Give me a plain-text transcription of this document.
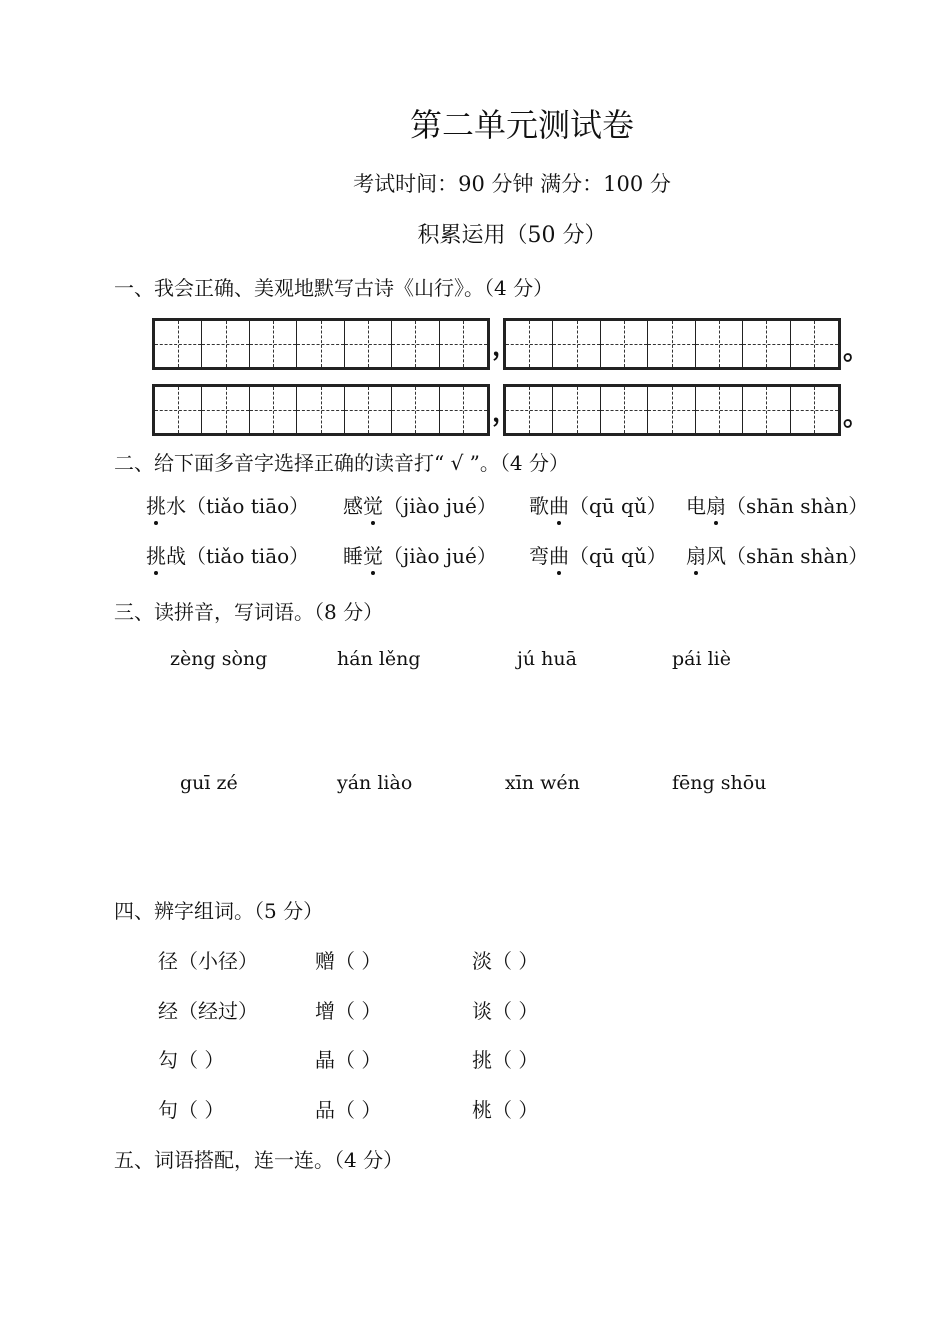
第二单元测试卷
考试时间：90 分钟 满分：100 分
积累运用（50 分）
一、我会正确、美观地默写古诗《山行》。（4 分）
，	。
，	。
二、给下面多音字选择正确的读音打“ √ ”。（4 分）
挑水（tiǎo tiāo） 感觉（jiào jué） 歌曲（qū qǔ） 电扇（shān shàn）
挑战（tiǎo tiāo） 睡觉（jiào jué） 弯曲（qū qǔ） 扇风（shān shàn）
三、读拼音，写词语。（8 分）
zèng sòng	hán lěng	jú huā	pái liè
guī zé	yán liào	xīn wén	fēng shōu
四、辨字组词。（5 分）
径（小径）	赠（ ）	淡（ ）
经（经过）	增（ ）	谈（ ）
勾（ ）	晶（ ）	挑（ ）
句（ ）	品（ ）	桃（ ）
五、词语搭配，连一连。（4 分）
